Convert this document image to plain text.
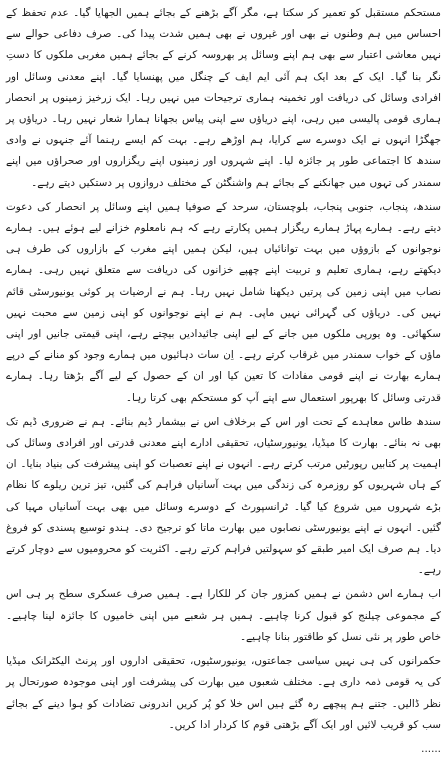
مستحکم مستقبل کو تعمیر کر سکتا ہے، مگر آگے بڑھنے کے بجائے ہمیں الجھایا گیا۔ عدم تحفظ کے احساس میں ہم وطنوں نے بھی اور غیروں نے بھی ہمیں شدت پیدا کی۔ صرف دفاعی حوالے سے نہیں معاشی اعتبار سے بھی ہم اپنے وسائل پر بھروسہ کرنے کے بجائے ہمیں مغربی ملکوں کا دستِ نگر بنا گیا۔ ایک کے بعد ایک ہم آئی ایم ایف کے چنگل میں پھنسایا گیا۔ اپنے معدنی وسائل اور افرادی وسائل کی دریافت اور تخمینہ ہماری ترجیحات میں نہیں رہا۔ ایک زرخیز زمینوں پر انحصار ہماری قومی پالیسی میں رہی، اپنے دریاؤں سے اپنی پیاس بجھانا ہمارا شعار نہیں رہا۔ دریاؤں پر جھگڑا انہوں نے ایک دوسرے سے کرایا، ہم اوڑھے رہے۔ بہت کم ایسے رہنما آئے جنہوں نے وادی سندھ کا اجتماعی طور پر جائزہ لیا۔ اپنے شہروں اور زمینوں اپنے ریگزاروں اور صحراؤں میں اپنے سمندر کی تہوں میں جھانکنے کے بجائے ہم واشنگٹن کے مختلف دروازوں پر دستکیں دیتے رہے۔

سندھ، پنجاب، جنوبی پنجاب، بلوچستان، سرحد کے صوفیا ہمیں اپنے وسائل پر انحصار کی دعوت دیتے رہے۔ ہمارے پہاڑ ہمارے ریگزار ہمیں پکارتے رہے کہ ہم نامعلوم خزانے لیے ہوئے ہیں۔ ہمارے نوجوانوں کے بازوؤں میں بہت توانائیاں ہیں، لیکن ہمیں اپنے مغرب کے بازاروں کی طرف ہی دیکھتے رہے، ہماری تعلیم و تربیت اپنے چھپے خزانوں کی دریافت سے متعلق نہیں رہی۔ ہمارے نصاب میں اپنی زمین کی پرتیں دیکھنا شامل نہیں رہا۔ ہم نے ارضیات پر کوئی یونیورسٹی قائم نہیں کی۔ دریاؤں کی گہرائی نہیں ماپی۔ ہم نے اپنے نوجوانوں کو اپنی زمین سے محبت نہیں سکھائی۔ وہ یورپی ملکوں میں جانے کے لیے اپنی جائیدادیں بیچتے رہے، اپنی قیمتی جانیں اور اپنی ماؤں کے خواب سمندر میں غرقاب کرتے رہے۔ اِن سات دہائیوں میں ہمارے وجود کو منانے کے درپے ہمارے بھارت نے اپنے قومی مفادات کا تعین کیا اور ان کے حصول کے لیے آگے بڑھتا رہا۔ ہمارے قدرتی وسائل کا بھرپور استعمال سے اپنے آپ کو مستحکم بھی کرتا رہا۔

سندھ طاس معاہدے کے تحت اور اس کے برخلاف اس نے بیشمار ڈیم بنائے۔ ہم نے ضروری ڈیم تک بھی نہ بنائے۔ بھارت کا میڈیا، یونیورسٹیاں، تحقیقی ادارے اپنے معدنی قدرتی اور افرادی وسائل کی اہمیت پر کتابیں رپورٹیں مرتب کرتے رہے۔ انہوں نے اپنے تعصبات کو اپنی پیشرفت کی بنیاد بنایا۔ ان کے ہاں شہریوں کو روزمرہ کی زندگی میں بہت آسانیاں فراہم کی گئیں، تیز ترین ریلوے کا نظام بڑے شہروں میں شروع کیا گیا۔ ٹرانسپورٹ کے دوسرے وسائل میں بھی بہت آسانیاں مہیا کی گئیں۔ انہوں نے اپنے یونیورسٹی نصابوں میں بھارت ماتا کو ترجیح دی۔ ہندو توسیع پسندی کو فروغ دیا۔ ہم صرف ایک امیر طبقے کو سہولتیں فراہم کرتے رہے۔ اکثریت کو محرومیوں سے دوچار کرتے رہے۔

اب ہمارے اس دشمن نے ہمیں کمزور جان کر للکارا ہے۔ ہمیں صرف عسکری سطح پر ہی اس کے مجموعی چیلنج کو قبول کرنا چاہیے۔ ہمیں ہر شعبے میں اپنی خامیوں کا جائزہ لینا چاہیے۔ خاص طور پر نئی نسل کو طاقتور بنانا چاہیے۔

حکمرانوں کی ہی نہیں سیاسی جماعتوں، یونیورسٹیوں، تحقیقی اداروں اور پرنٹ الیکٹرانک میڈیا کی یہ قومی ذمہ داری ہے۔ مختلف شعبوں میں بھارت کی پیشرفت اور اپنی موجودہ صورتحال پر نظر ڈالیں۔ جتنے ہم پیچھے رہ گئے ہیں اس خلا کو پُر کریں اندرونی تضادات کو ہوا دینے کے بجائے سب کو قریب لائیں اور ایک آگے بڑھتی قوم کا کردار ادا کریں۔

......
